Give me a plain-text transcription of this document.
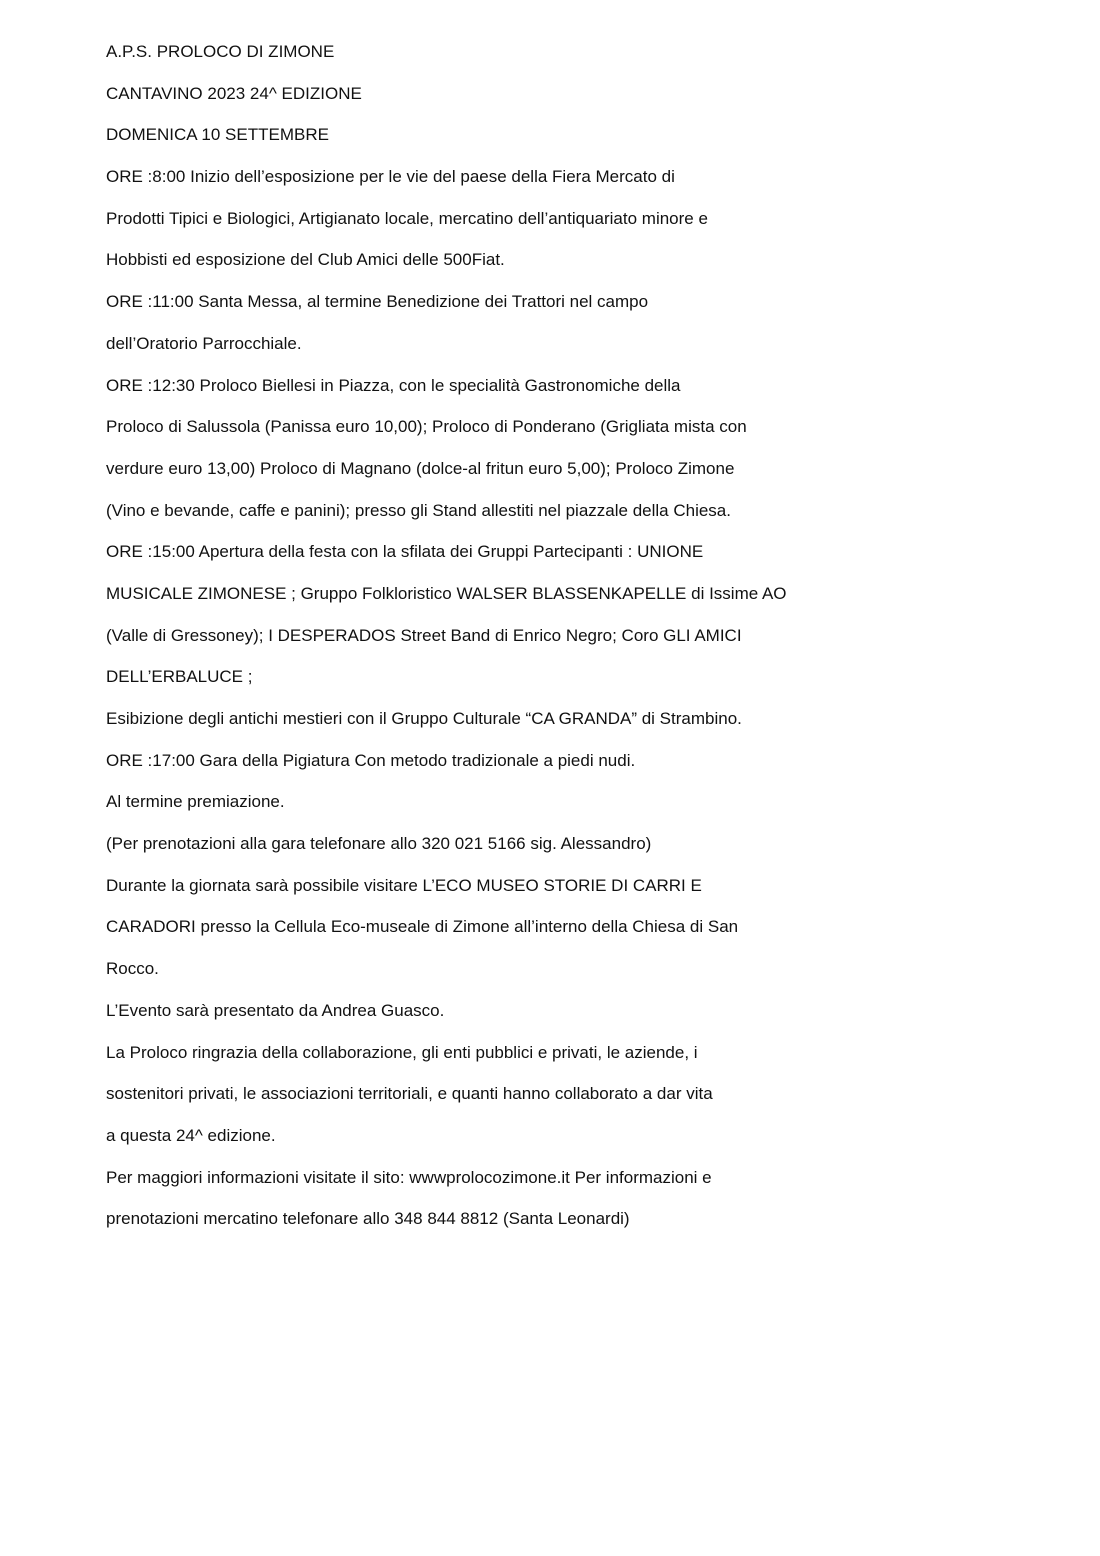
A.P.S. PROLOCO DI ZIMONE
CANTAVINO 2023 24^ EDIZIONE
DOMENICA 10 SETTEMBRE
ORE :8:00 Inizio dell’esposizione per le vie del paese della Fiera Mercato di
Prodotti Tipici e Biologici, Artigianato locale, mercatino dell’antiquariato minore e
Hobbisti ed esposizione del Club Amici delle 500Fiat.
ORE :11:00 Santa Messa, al termine Benedizione dei Trattori nel campo
dell’Oratorio Parrocchiale.
ORE :12:30 Proloco Biellesi in Piazza, con le specialità Gastronomiche della
Proloco di Salussola (Panissa euro 10,00); Proloco di Ponderano (Grigliata mista con
verdure euro 13,00) Proloco di Magnano (dolce-al fritun euro 5,00); Proloco Zimone
(Vino e bevande, caffe e panini); presso gli Stand allestiti nel piazzale della Chiesa.
ORE :15:00 Apertura della festa con la sfilata dei Gruppi Partecipanti : UNIONE
MUSICALE ZIMONESE ; Gruppo Folkloristico WALSER BLASSENKAPELLE di Issime AO
(Valle di Gressoney); I DESPERADOS Street Band di Enrico Negro; Coro GLI AMICI
DELL’ERBALUCE ;
Esibizione degli antichi mestieri con il Gruppo Culturale “CA GRANDA” di Strambino.
ORE :17:00 Gara della Pigiatura Con metodo tradizionale a piedi nudi.
Al termine premiazione.
(Per prenotazioni alla gara telefonare allo 320 021 5166 sig. Alessandro)
Durante la giornata sarà possibile visitare L’ECO MUSEO STORIE DI CARRI E
CARADORI presso la Cellula Eco-museale di Zimone all’interno della Chiesa di San
Rocco.
L’Evento sarà presentato da Andrea Guasco.
La Proloco ringrazia della collaborazione, gli enti pubblici e privati, le aziende, i
sostenitori privati, le associazioni territoriali, e quanti hanno collaborato a dar vita
a questa 24^ edizione.
Per maggiori informazioni visitate il sito: wwwprolocozimone.it Per informazioni e
prenotazioni mercatino telefonare allo 348 844 8812 (Santa Leonardi)
